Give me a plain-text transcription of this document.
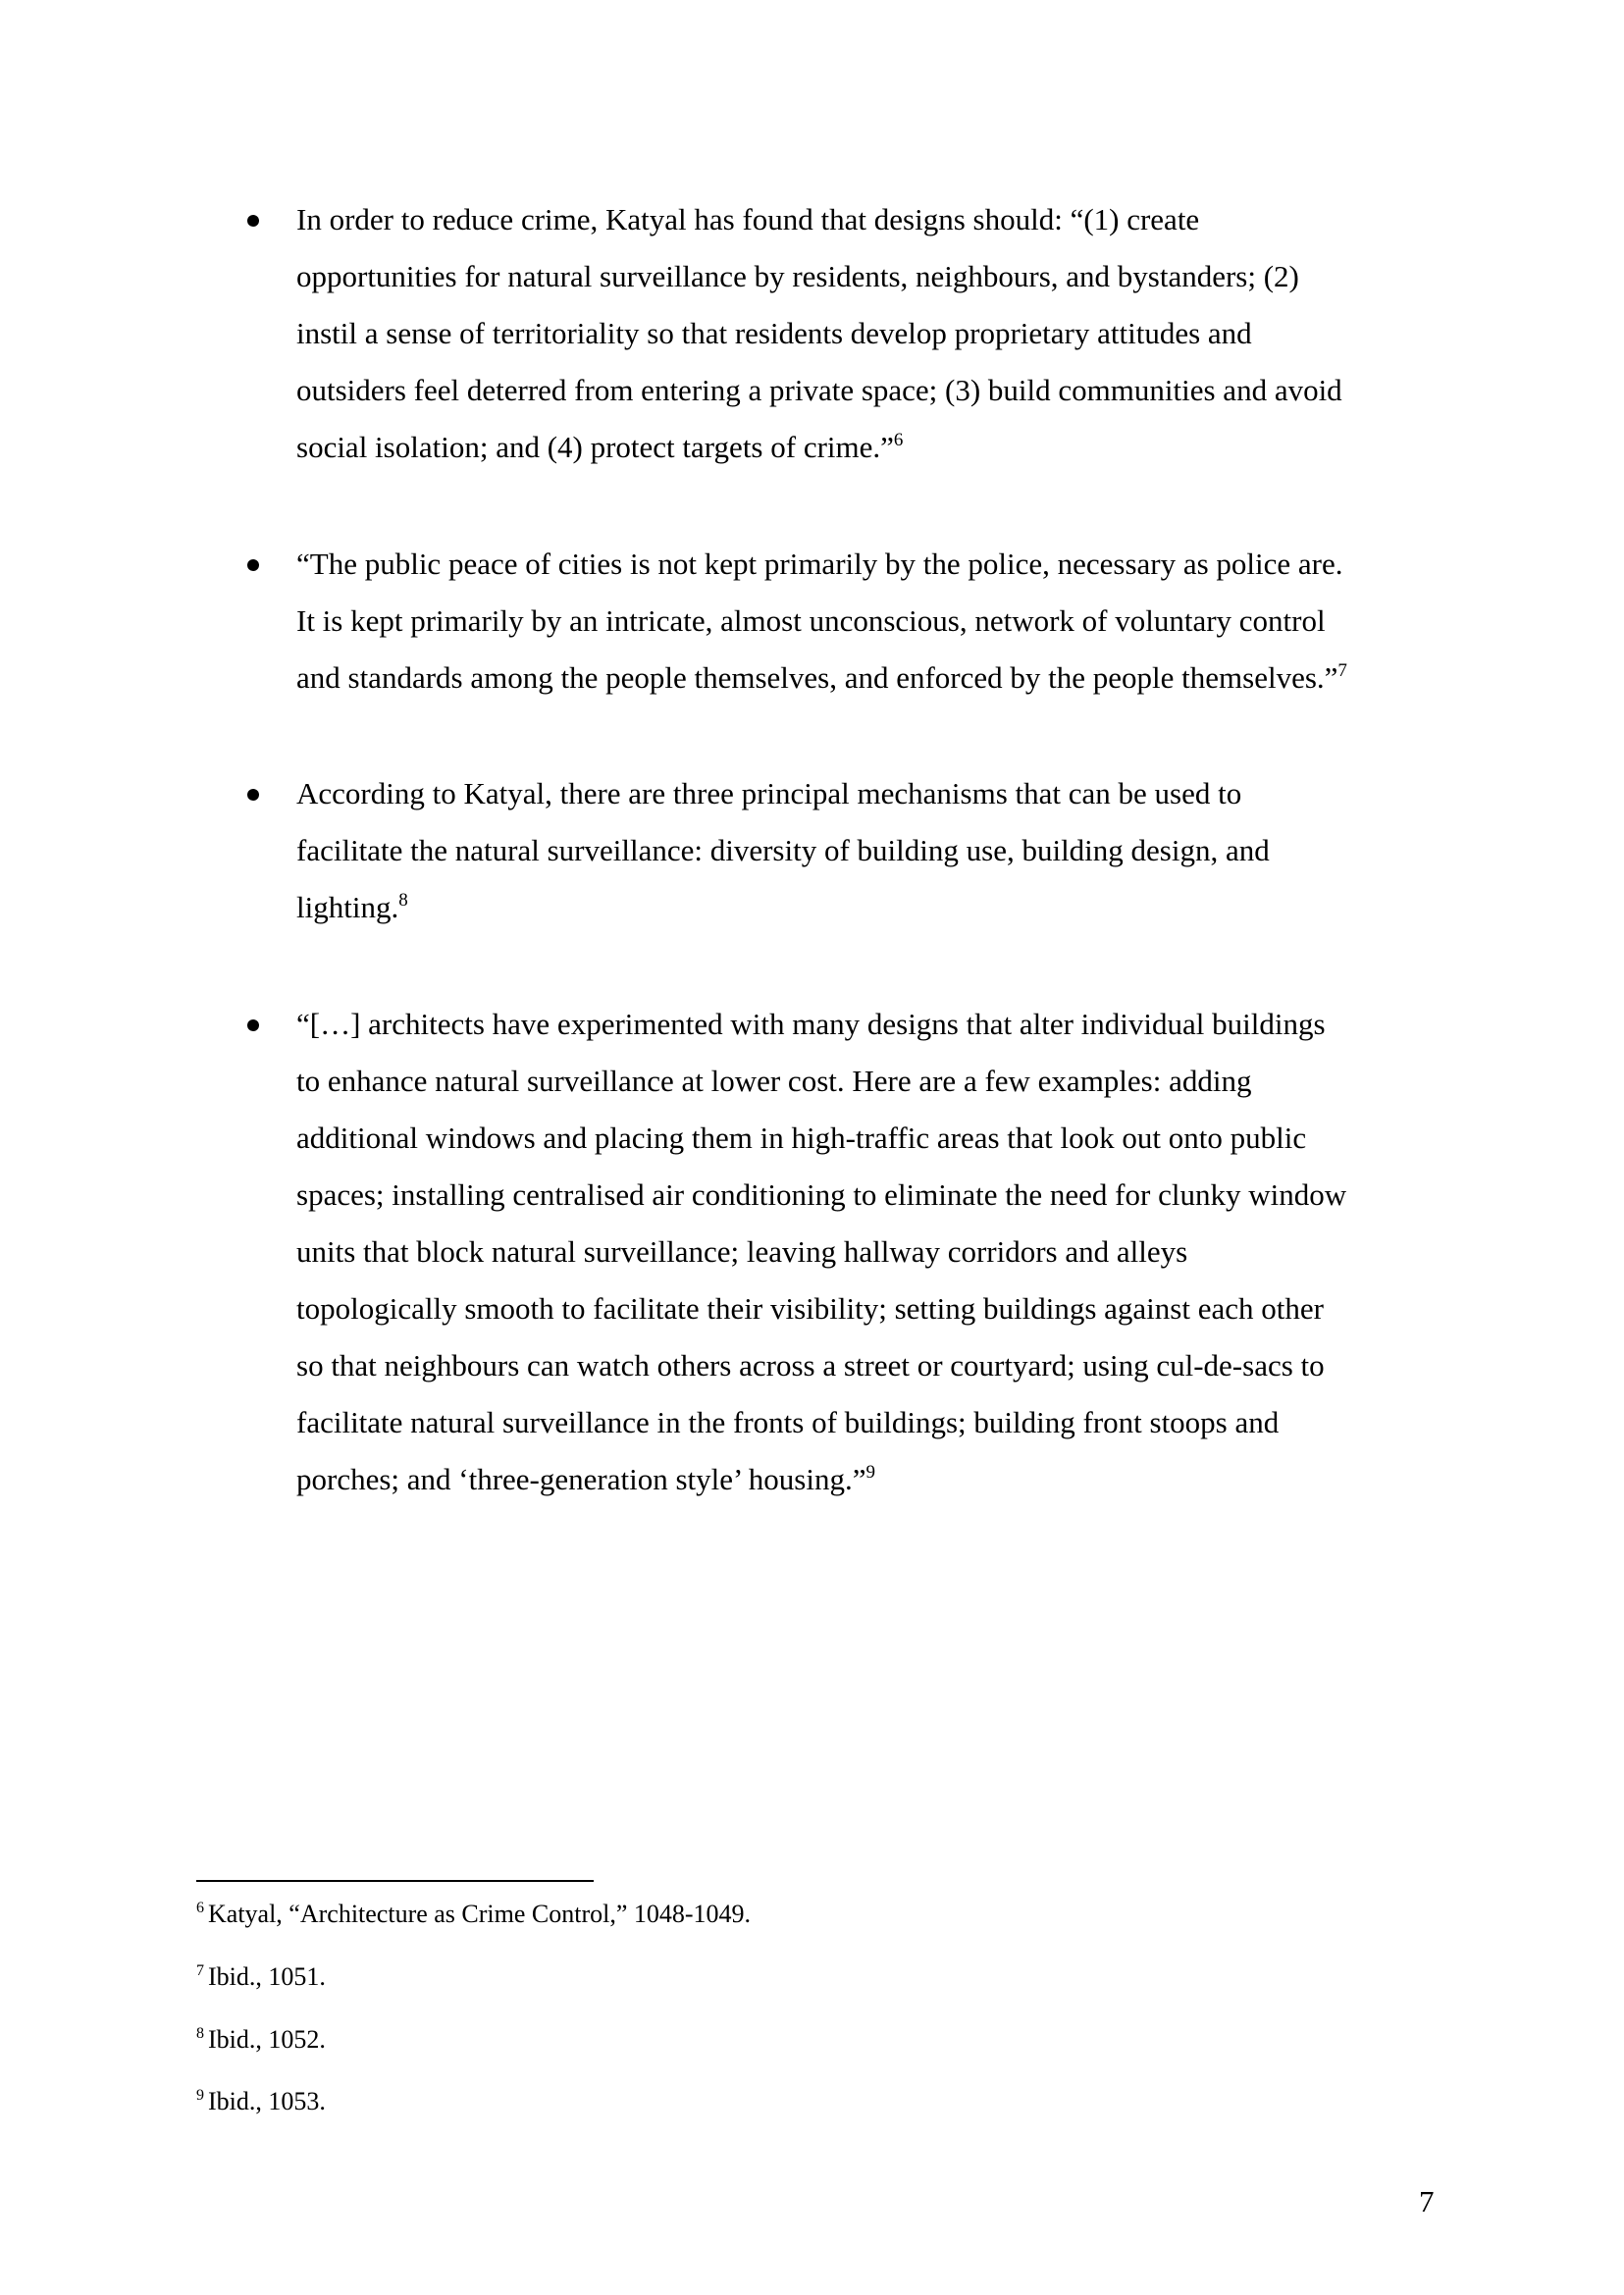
In order to reduce crime, Katyal has found that designs should: “(1) create
opportunities for natural surveillance by residents, neighbours, and bystanders; (2)
instil a sense of territoriality so that residents develop proprietary attitudes and
outsiders feel deterred from entering a private space; (3) build communities and avoid
social isolation; and (4) protect targets of crime.”$^6$
“The public peace of cities is not kept primarily by the police, necessary as police are.
It is kept primarily by an intricate, almost unconscious, network of voluntary control
and standards among the people themselves, and enforced by the people themselves.”$^7$
According to Katyal, there are three principal mechanisms that can be used to
facilitate the natural surveillance: diversity of building use, building design, and
lighting.$^8$
“[…] architects have experimented with many designs that alter individual buildings
to enhance natural surveillance at lower cost. Here are a few examples: adding
additional windows and placing them in high-traffic areas that look out onto public
spaces; installing centralised air conditioning to eliminate the need for clunky window
units that block natural surveillance; leaving hallway corridors and alleys
topologically smooth to facilitate their visibility; setting buildings against each other
so that neighbours can watch others across a street or courtyard; using cul-de-sacs to
facilitate natural surveillance in the fronts of buildings; building front stoops and
porches; and ‘three-generation style’ housing.”$^9$
$^6$ Katyal, “Architecture as Crime Control,” 1048-1049.
$^7$ Ibid., 1051.
$^8$ Ibid., 1052.
$^9$ Ibid., 1053.
7
